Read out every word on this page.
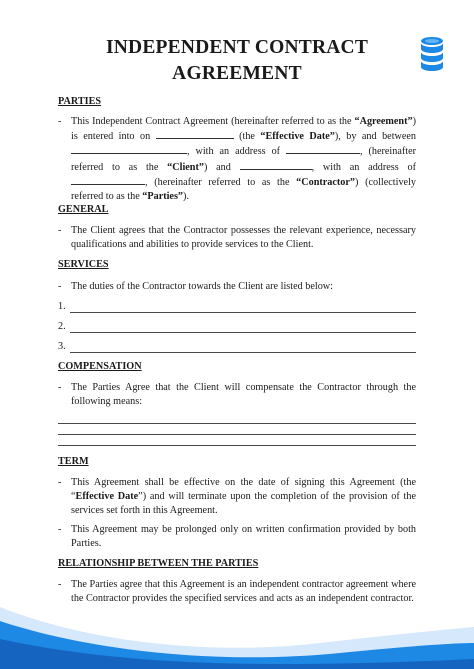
INDEPENDENT CONTRACT
AGREEMENT
PARTIES
- This Independent Contract Agreement (hereinafter referred to as the “Agreement”) is entered into on	(the “Effective Date”), by and between , with an address of	, (hereinafter referred to as the “Client”) and	, with an address of , (hereinafter referred to as the “Contractor”) (collectively referred to as the “Parties”).
GENERAL
- The Client agrees that the Contractor possesses the relevant experience, necessary qualifications and abilities to provide services to the Client.
SERVICES
- The duties of the Contractor towards the Client are listed below:
1.
2.
3.
COMPENSATION
- The Parties Agree that the Client will compensate the Contractor through the following means:
TERM
- This Agreement shall be effective on the date of signing this Agreement (the “Effective Date”) and will terminate upon the completion of the provision of the services set forth in this Agreement.
- This Agreement may be prolonged only on written confirmation provided by both Parties.
RELATIONSHIP BETWEEN THE PARTIES
- The Parties agree that this Agreement is an independent contractor agreement where the Contractor provides the specified services and acts as an independent contractor.
